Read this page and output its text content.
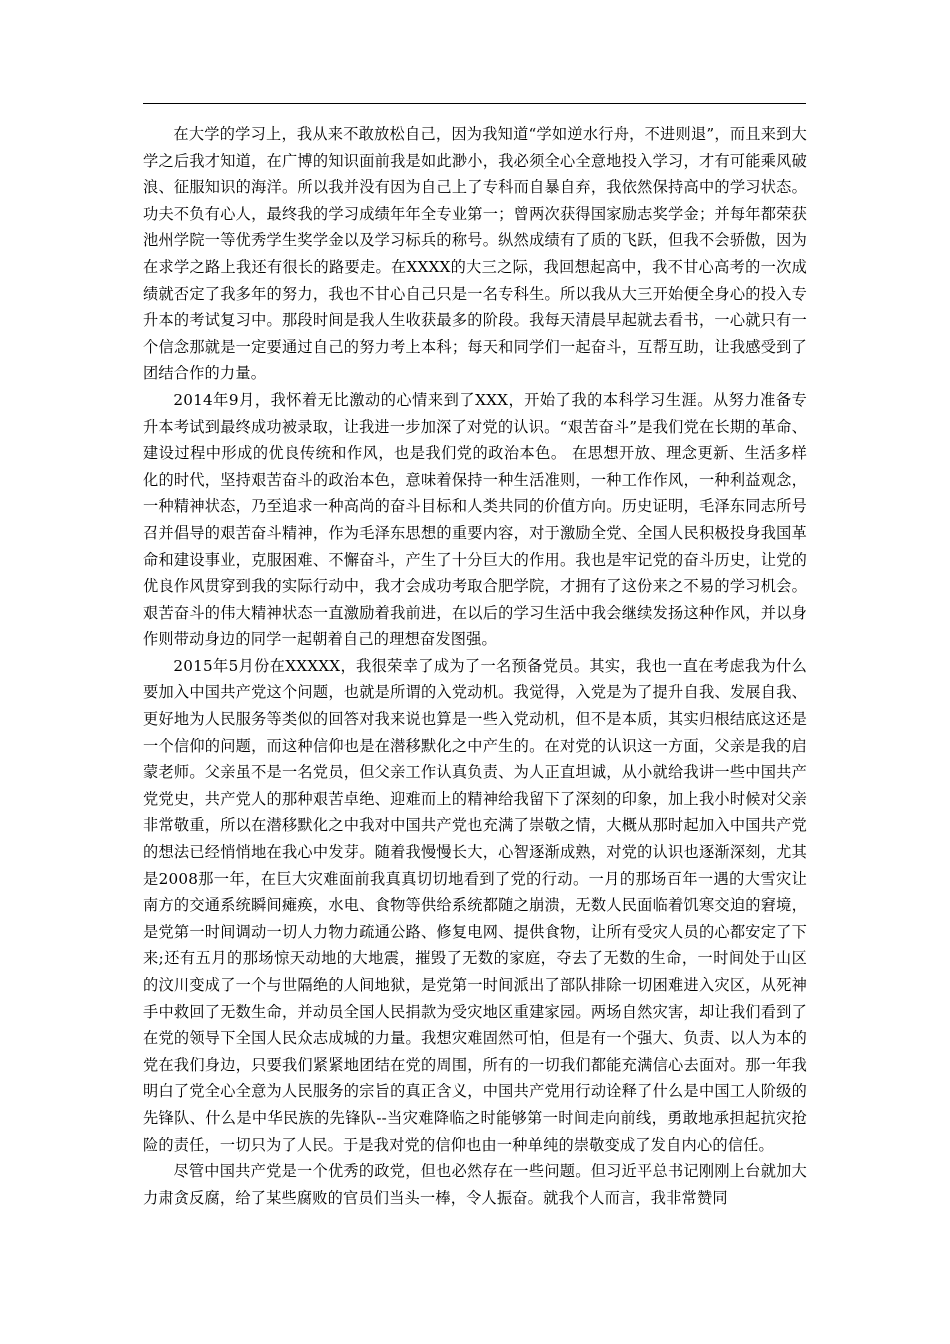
在大学的学习上，我从来不敢放松自己，因为我知道“学如逆水行舟，不进则退”，而且来到大学之后我才知道，在广博的知识面前我是如此渺小，我必须全心全意地投入学习，才有可能乘风破浪、征服知识的海洋。所以我并没有因为自己上了专科而自暴自弃，我依然保持高中的学习状态。功夫不负有心人，最终我的学习成绩年年全专业第一；曾两次获得国家励志奖学金；并每年都荣获池州学院一等优秀学生奖学金以及学习标兵的称号。纵然成绩有了质的飞跃，但我不会骄傲，因为在求学之路上我还有很长的路要走。在XXXX的大三之际，我回想起高中，我不甘心高考的一次成绩就否定了我多年的努力，我也不甘心自己只是一名专科生。所以我从大三开始便全身心的投入专升本的考试复习中。那段时间是我人生收获最多的阶段。我每天清晨早起就去看书，一心就只有一个信念那就是一定要通过自己的努力考上本科；每天和同学们一起奋斗，互帮互助，让我感受到了团结合作的力量。

2014年9月，我怀着无比激动的心情来到了XXX，开始了我的本科学习生涯。从努力准备专升本考试到最终成功被录取，让我进一步加深了对党的认识。“艰苦奋斗”是我们党在长期的革命、建设过程中形成的优良传统和作风，也是我们党的政治本色。 在思想开放、理念更新、生活多样化的时代，坚持艰苦奋斗的政治本色，意味着保持一种生活准则，一种工作作风，一种利益观念，一种精神状态，乃至追求一种高尚的奋斗目标和人类共同的价值方向。历史证明，毛泽东同志所号召并倡导的艰苦奋斗精神，作为毛泽东思想的重要内容，对于激励全党、全国人民积极投身我国革命和建设事业，克服困难、不懈奋斗，产生了十分巨大的作用。我也是牢记党的奋斗历史，让党的优良作风贯穿到我的实际行动中，我才会成功考取合肥学院，才拥有了这份来之不易的学习机会。艰苦奋斗的伟大精神状态一直激励着我前进，在以后的学习生活中我会继续发扬这种作风，并以身作则带动身边的同学一起朝着自己的理想奋发图强。

2015年5月份在XXXXX，我很荣幸了成为了一名预备党员。其实，我也一直在考虑我为什么要加入中国共产党这个问题，也就是所谓的入党动机。我觉得，入党是为了提升自我、发展自我、更好地为人民服务等类似的回答对我来说也算是一些入党动机，但不是本质，其实归根结底这还是一个信仰的问题，而这种信仰也是在潜移默化之中产生的。在对党的认识这一方面，父亲是我的启蒙老师。父亲虽不是一名党员，但父亲工作认真负责、为人正直坦诚，从小就给我讲一些中国共产党党史，共产党人的那种艰苦卓绝、迎难而上的精神给我留下了深刻的印象，加上我小时候对父亲非常敬重，所以在潜移默化之中我对中国共产党也充满了崇敬之情，大概从那时起加入中国共产党的想法已经悄悄地在我心中发芽。随着我慢慢长大，心智逐渐成熟，对党的认识也逐渐深刻，尤其是2008那一年，在巨大灾难面前我真真切切地看到了党的行动。一月的那场百年一遇的大雪灾让南方的交通系统瞬间瘫痪，水电、食物等供给系统都随之崩溃，无数人民面临着饥寒交迫的窘境，是党第一时间调动一切人力物力疏通公路、修复电网、提供食物，让所有受灾人员的心都安定了下来;还有五月的那场惊天动地的大地震，摧毁了无数的家庭，夺去了无数的生命，一时间处于山区的汶川变成了一个与世隔绝的人间地狱，是党第一时间派出了部队排除一切困难进入灾区，从死神手中救回了无数生命，并动员全国人民捐款为受灾地区重建家园。两场自然灾害，却让我们看到了在党的领导下全国人民众志成城的力量。我想灾难固然可怕，但是有一个强大、负责、以人为本的党在我们身边，只要我们紧紧地团结在党的周围，所有的一切我们都能充满信心去面对。那一年我明白了党全心全意为人民服务的宗旨的真正含义，中国共产党用行动诠释了什么是中国工人阶级的先锋队、什么是中华民族的先锋队--当灾难降临之时能够第一时间走向前线，勇敢地承担起抗灾抢险的责任，一切只为了人民。于是我对党的信仰也由一种单纯的崇敬变成了发自内心的信任。

尽管中国共产党是一个优秀的政党，但也必然存在一些问题。但习近平总书记刚刚上台就加大力肃贪反腐，给了某些腐败的官员们当头一棒，令人振奋。就我个人而言，我非常赞同
